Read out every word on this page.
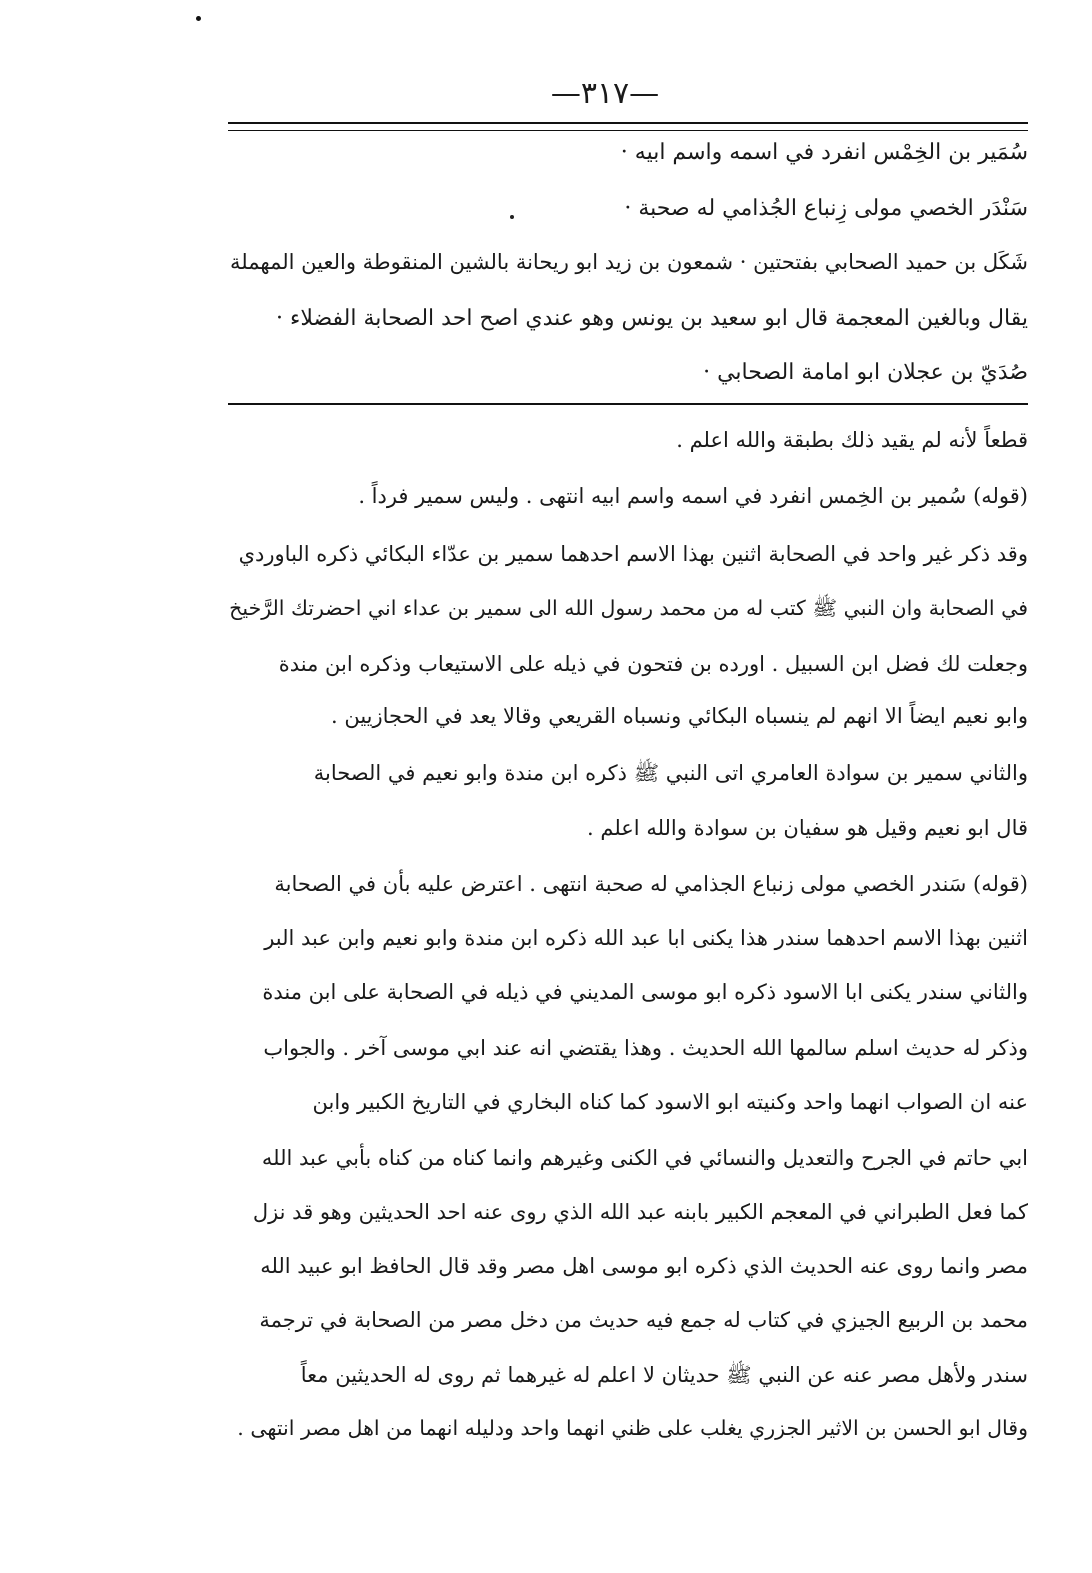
—٣١٧—
سُمَير بن الخِمْس انفرد في اسمه واسم ابيه ·
سَنْدَر الخصي مولى زِنباع الجُذامي له صحبة ·
شَكَل بن حميد الصحابي بفتحتين · شمعون بن زيد ابو ريحانة بالشين المنقوطة والعين المهملة
يقال وبالغين المعجمة قال ابو سعيد بن يونس وهو عندي اصح احد الصحابة الفضلاء ·
صُدَيّ بن عجلان ابو امامة الصحابي ·
قطعاً لأنه لم يقيد ذلك بطبقة والله اعلم .
(قوله) سُمير بن الخِمس انفرد في اسمه واسم ابيه انتهى . وليس سمير فرداً .
وقد ذكر غير واحد في الصحابة اثنين بهذا الاسم احدهما سمير بن عدّاء البكائي ذكره الباوردي
في الصحابة وان النبي ﷺ كتب له من محمد رسول الله الى سمير بن عداء اني احضرتك الرَّخيخ
وجعلت لك فضل ابن السبيل . اورده بن فتحون في ذيله على الاستيعاب وذكره ابن مندة
وابو نعيم ايضاً الا انهم لم ينسباه البكائي ونسباه القريعي وقالا يعد في الحجازيين .
والثاني سمير بن سوادة العامري اتى النبي ﷺ ذكره ابن مندة وابو نعيم في الصحابة
قال ابو نعيم وقيل هو سفيان بن سوادة والله اعلم .
(قوله) سَندر الخصي مولى زنباع الجذامي له صحبة انتهى . اعترض عليه بأن في الصحابة
اثنين بهذا الاسم احدهما سندر هذا يكنى ابا عبد الله ذكره ابن مندة وابو نعيم وابن عبد البر
والثاني سندر يكنى ابا الاسود ذكره ابو موسى المديني في ذيله في الصحابة على ابن مندة
وذكر له حديث اسلم سالمها الله الحديث . وهذا يقتضي انه عند ابي موسى آخر . والجواب
عنه ان الصواب انهما واحد وكنيته ابو الاسود كما كناه البخاري في التاريخ الكبير وابن
ابي حاتم في الجرح والتعديل والنسائي في الكنى وغيرهم وانما كناه من كناه بأبي عبد الله
كما فعل الطبراني في المعجم الكبير بابنه عبد الله الذي روى عنه احد الحديثين وهو قد نزل
مصر وانما روى عنه الحديث الذي ذكره ابو موسى اهل مصر وقد قال الحافظ ابو عبيد الله
محمد بن الربيع الجيزي في كتاب له جمع فيه حديث من دخل مصر من الصحابة في ترجمة
سندر ولأهل مصر عنه عن النبي ﷺ حديثان لا اعلم له غيرهما ثم روى له الحديثين معاً
وقال ابو الحسن بن الاثير الجزري يغلب على ظني انهما واحد ودليله انهما من اهل مصر انتهى .
